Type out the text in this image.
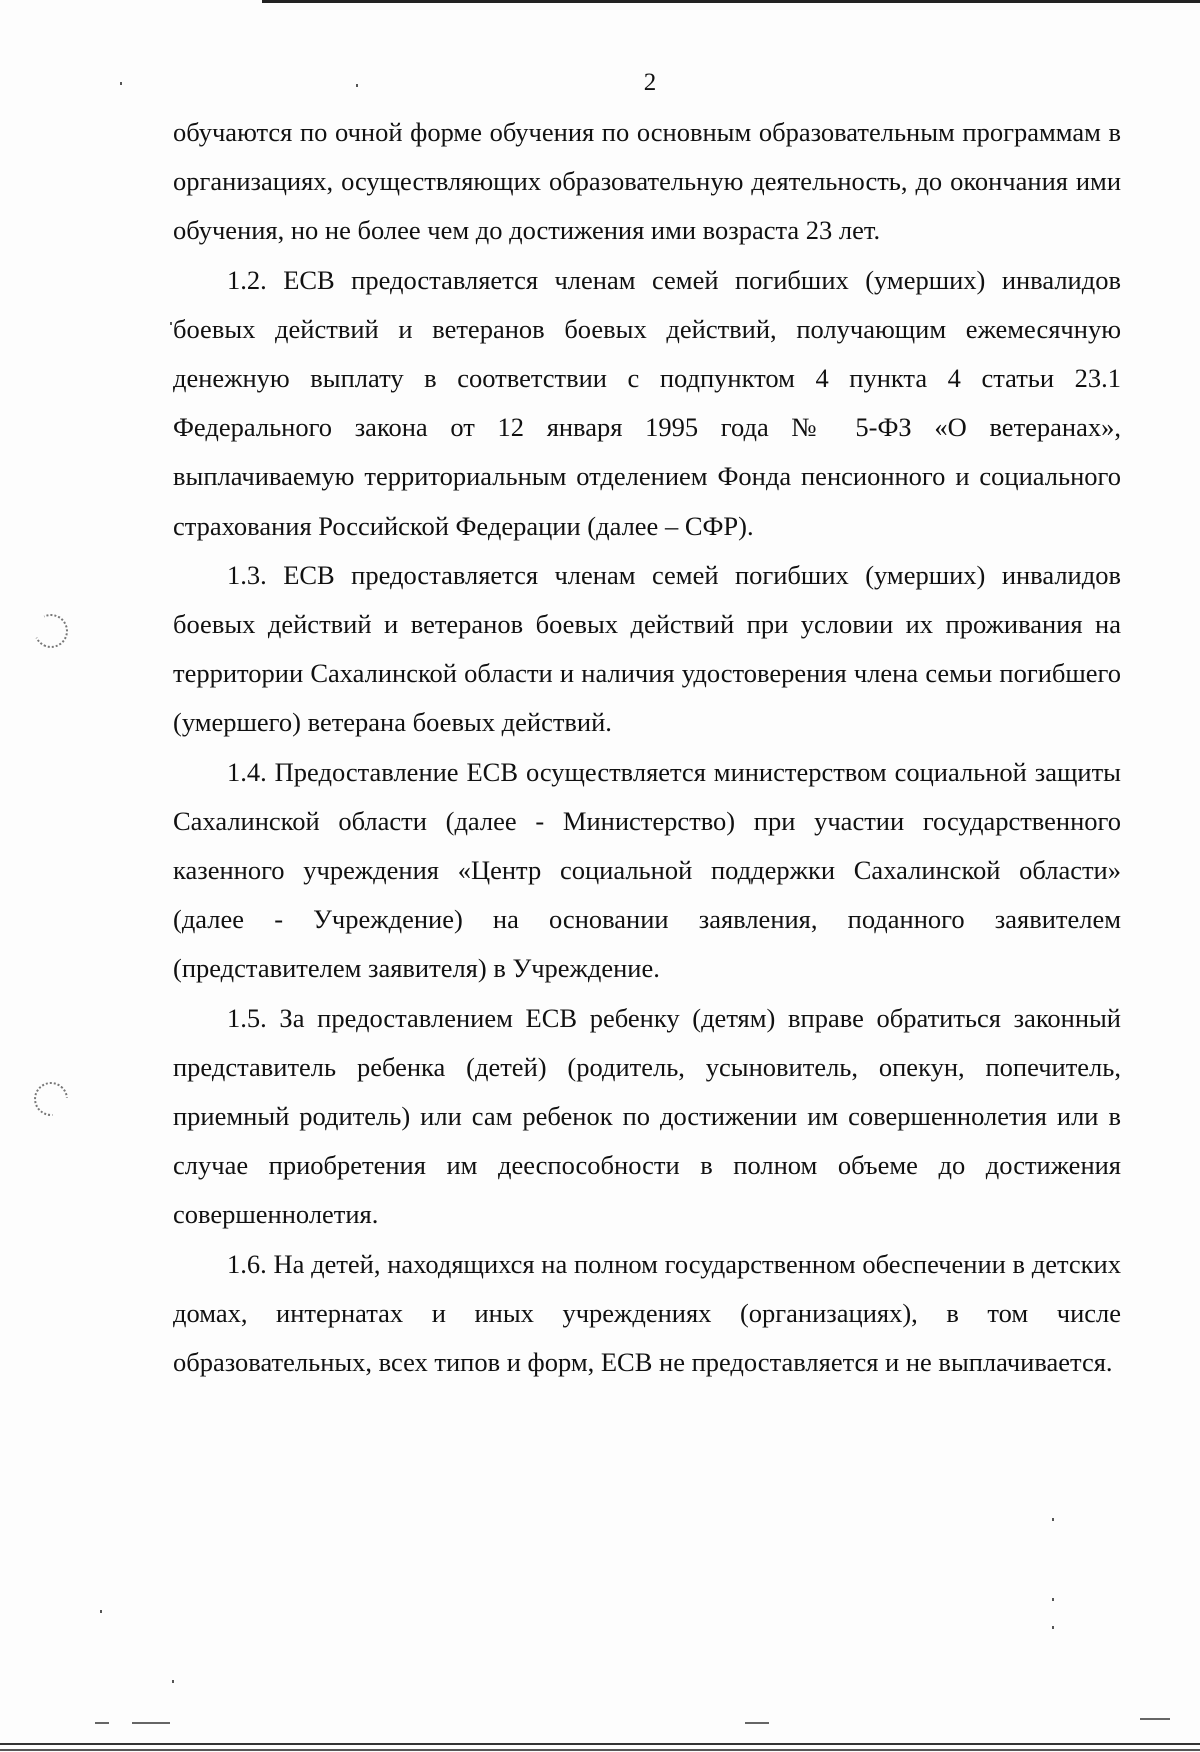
2

обучаются по очной форме обучения по основным образовательным программам в организациях, осуществляющих образовательную деятельность, до окончания ими обучения, но не более чем до достижения ими возраста 23 лет.

1.2. ЕСВ предоставляется членам семей погибших (умерших) инвалидов боевых действий и ветеранов боевых действий, получающим ежемесячную денежную выплату в соответствии с подпунктом 4 пункта 4 статьи 23.1 Федерального закона от 12 января 1995 года № 5-ФЗ «О ветеранах», выплачиваемую территориальным отделением Фонда пенсионного и социального страхования Российской Федерации (далее – СФР).

1.3. ЕСВ предоставляется членам семей погибших (умерших) инвалидов боевых действий и ветеранов боевых действий при условии их проживания на территории Сахалинской области и наличия удостоверения члена семьи погибшего (умершего) ветерана боевых действий.

1.4. Предоставление ЕСВ осуществляется министерством социальной защиты Сахалинской области (далее - Министерство) при участии государственного казенного учреждения «Центр социальной поддержки Сахалинской области» (далее - Учреждение) на основании заявления, поданного заявителем (представителем заявителя) в Учреждение.

1.5. За предоставлением ЕСВ ребенку (детям) вправе обратиться законный представитель ребенка (детей) (родитель, усыновитель, опекун, попечитель, приемный родитель) или сам ребенок по достижении им совершеннолетия или в случае приобретения им дееспособности в полном объеме до достижения совершеннолетия.

1.6. На детей, находящихся на полном государственном обеспечении в детских домах, интернатах и иных учреждениях (организациях), в том числе образовательных, всех типов и форм, ЕСВ не предоставляется и не выплачивается.
